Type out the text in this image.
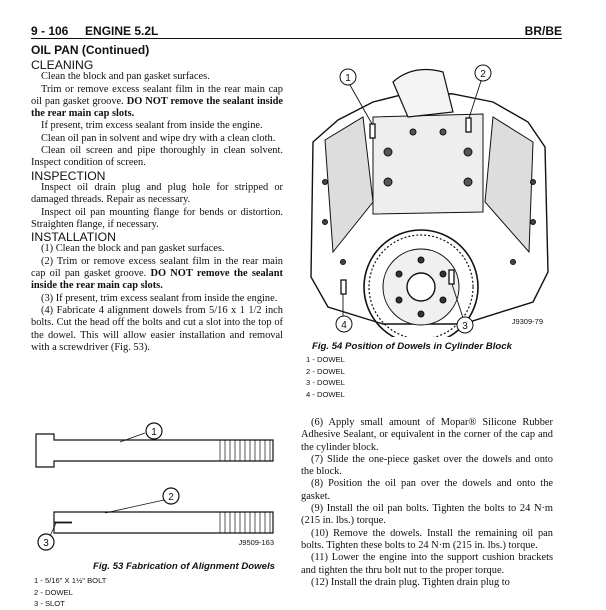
9 - 106 ENGINE 5.2L	BR/BE
OIL PAN (Continued)

CLEANING

Clean the block and pan gasket surfaces.

Trim or remove excess sealant film in the rear main cap oil pan gasket groove. DO NOT remove the sealant inside the rear main cap slots.

If present, trim excess sealant from inside the engine.

Clean oil pan in solvent and wipe dry with a clean cloth.

Clean oil screen and pipe thoroughly in clean solvent. Inspect condition of screen.

INSPECTION

Inspect oil drain plug and plug hole for stripped or damaged threads. Repair as necessary.

Inspect oil pan mounting flange for bends or distortion. Straighten flange, if necessary.

INSTALLATION

(1) Clean the block and pan gasket surfaces.

(2) Trim or remove excess sealant film in the rear main cap oil pan gasket groove. DO NOT remove the sealant inside the rear main cap slots.

(3) If present, trim excess sealant from inside the engine.

(4) Fabricate 4 alignment dowels from 5/16 x 1 1/2 inch bolts. Cut the head off the bolts and cut a slot into the top of the dowel. This will allow easier installation and removal with a screwdriver (Fig. 53).

1
2
3	J9509-163
Fig. 53 Fabrication of Alignment Dowels
1 - 5/16" X 1½" BOLT
2 - DOWEL
3 - SLOT
1	2
3
4	J9309-79
Fig. 54 Position of Dowels in Cylinder Block
1 - DOWEL
2 - DOWEL
3 - DOWEL
4 - DOWEL

(6) Apply small amount of Mopar® Silicone Rubber Adhesive Sealant, or equivalent in the corner of the cap and the cylinder block.

(7) Slide the one-piece gasket over the dowels and onto the block.

(8) Position the oil pan over the dowels and onto the gasket.

(9) Install the oil pan bolts. Tighten the bolts to 24 N·m (215 in. lbs.) torque.

(10) Remove the dowels. Install the remaining oil pan bolts. Tighten these bolts to 24 N·m (215 in. lbs.) torque.

(11) Lower the engine into the support cushion brackets and tighten the thru bolt nut to the proper torque.

(12) Install the drain plug. Tighten drain plug to
